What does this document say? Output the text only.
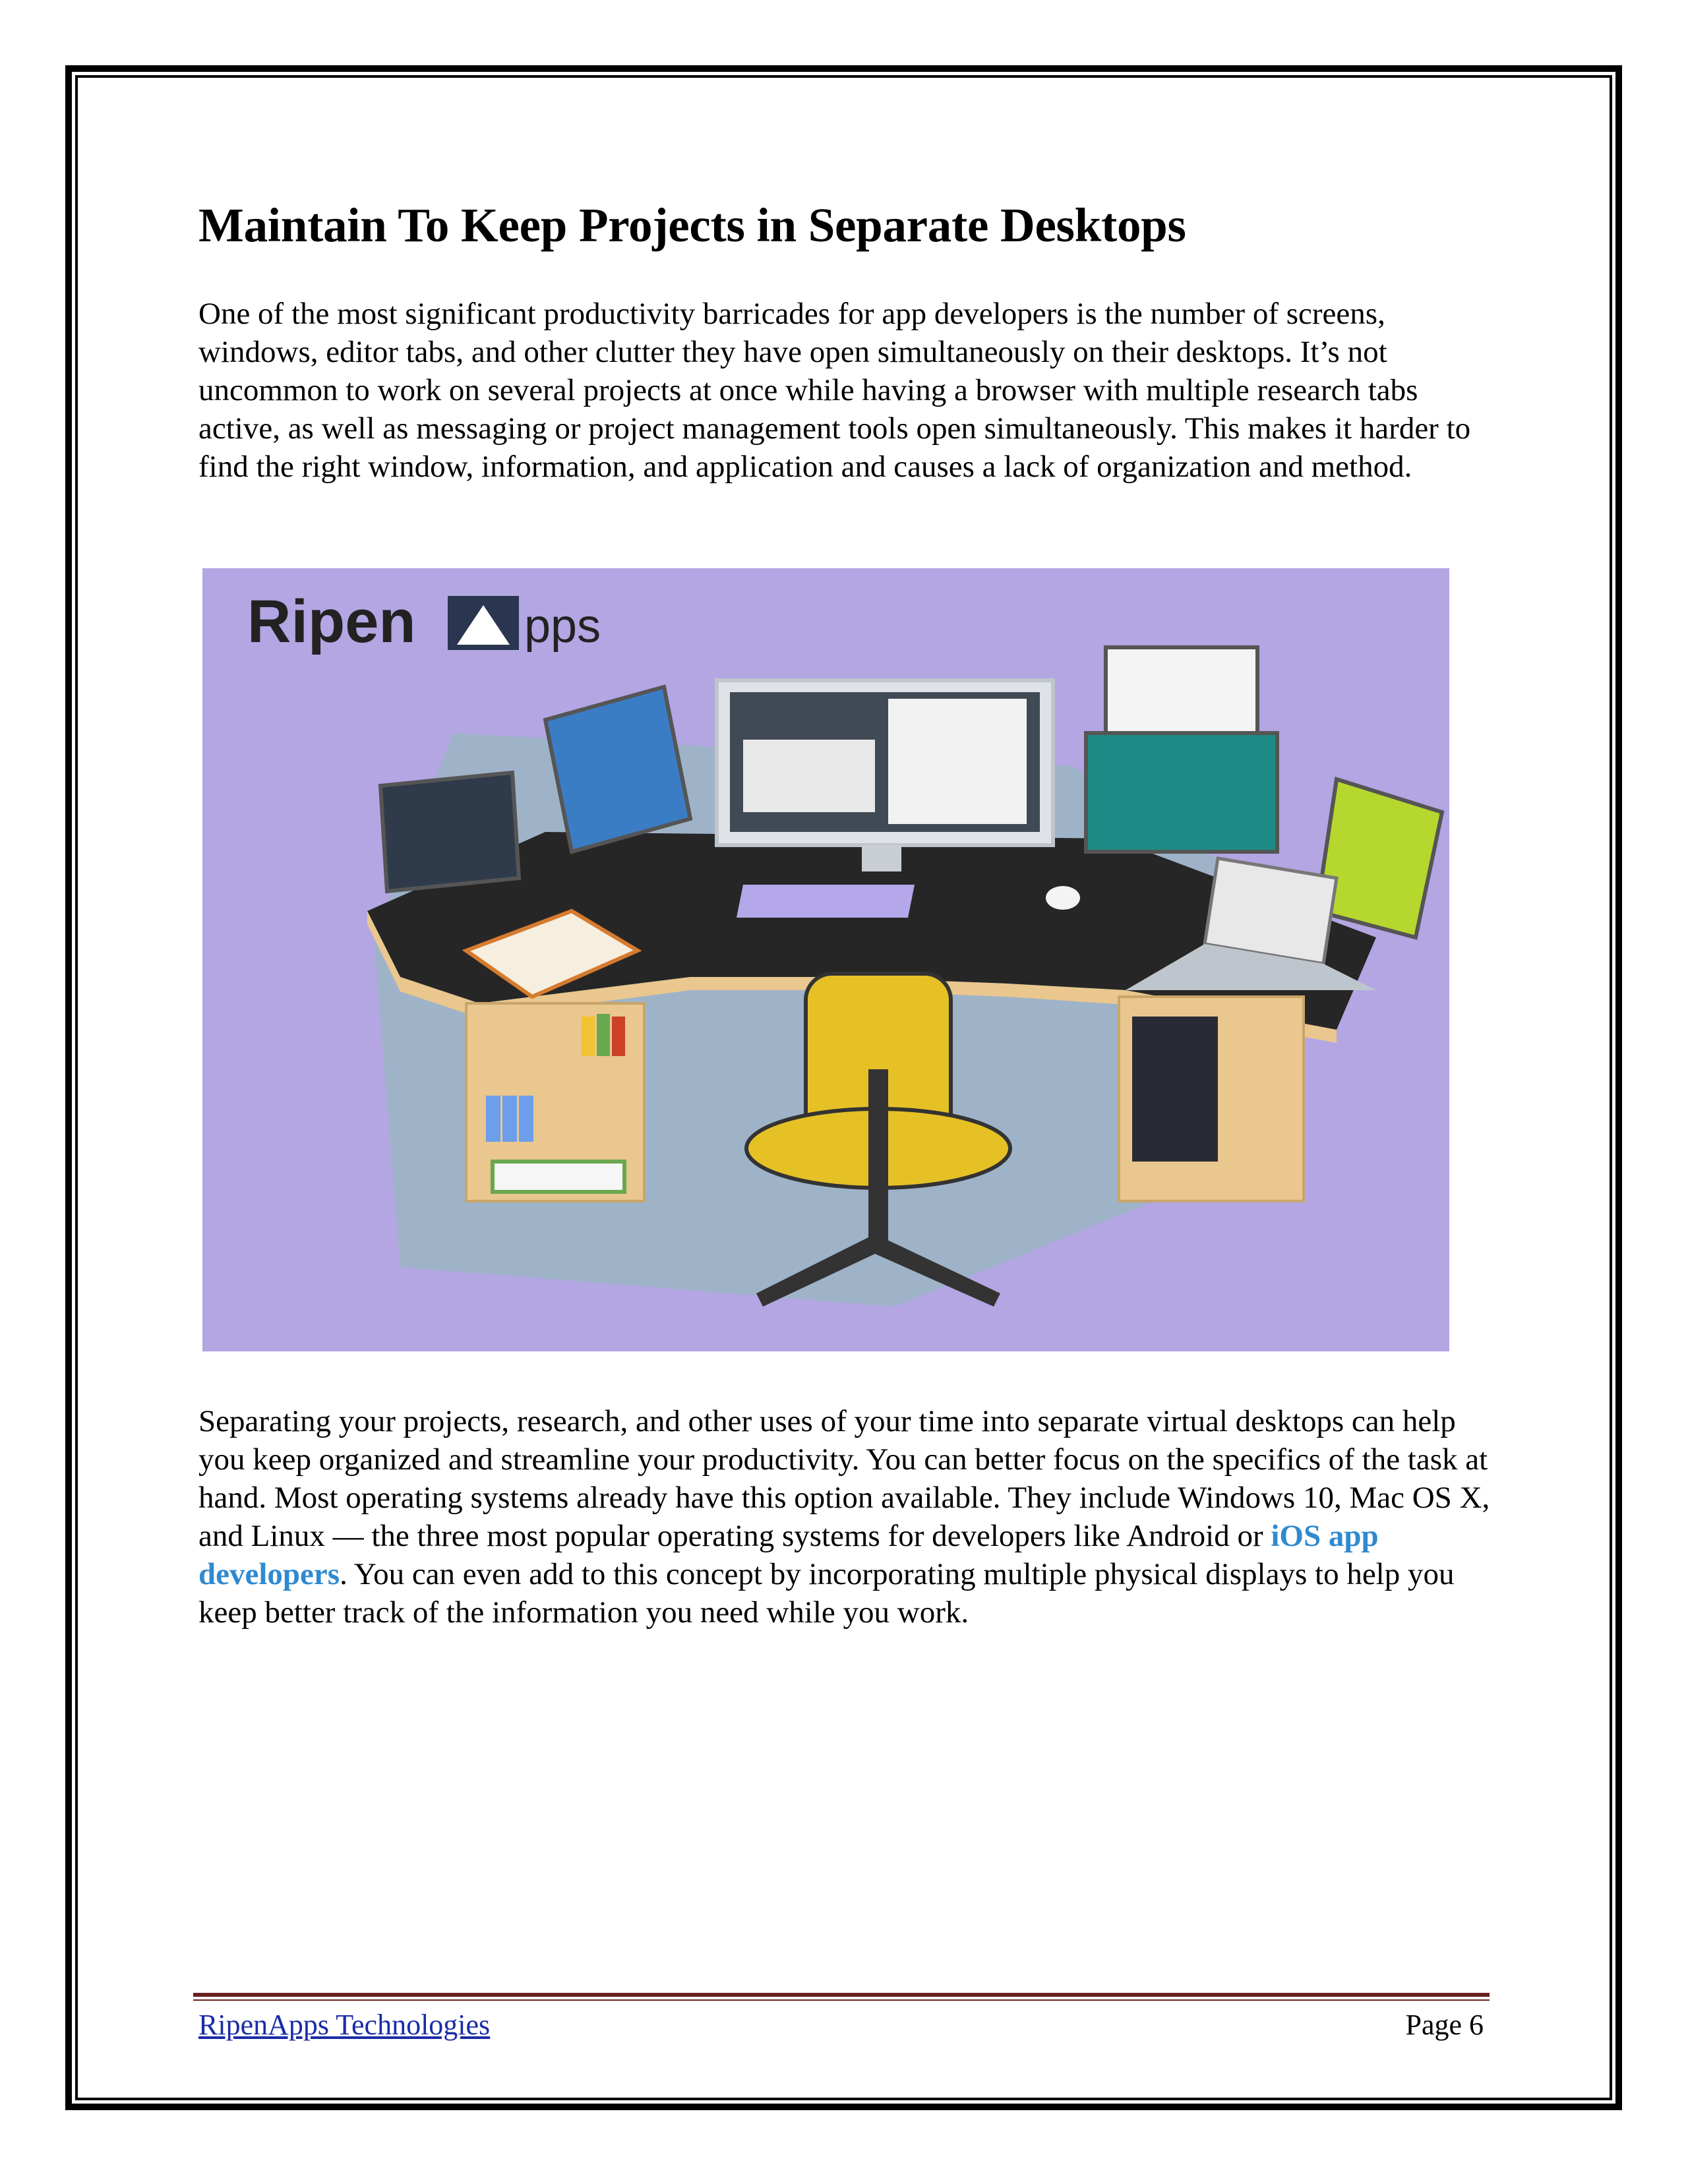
Maintain To Keep Projects in Separate Desktops

One of the most significant productivity barricades for app developers is the number of screens, windows, editor tabs, and other clutter they have open simultaneously on their desktops. It’s not uncommon to work on several projects at once while having a browser with multiple research tabs active, as well as messaging or project management tools open simultaneously. This makes it harder to find the right window, information, and application and causes a lack of organization and method.

Ripen pps

Separating your projects, research, and other uses of your time into separate virtual desktops can help you keep organized and streamline your productivity. You can better focus on the specifics of the task at hand. Most operating systems already have this option available. They include Windows 10, Mac OS X, and Linux — the three most popular operating systems for developers like Android or iOS app developers. You can even add to this concept by incorporating multiple physical displays to help you keep better track of the information you need while you work.

RipenApps Technologies	Page 6
